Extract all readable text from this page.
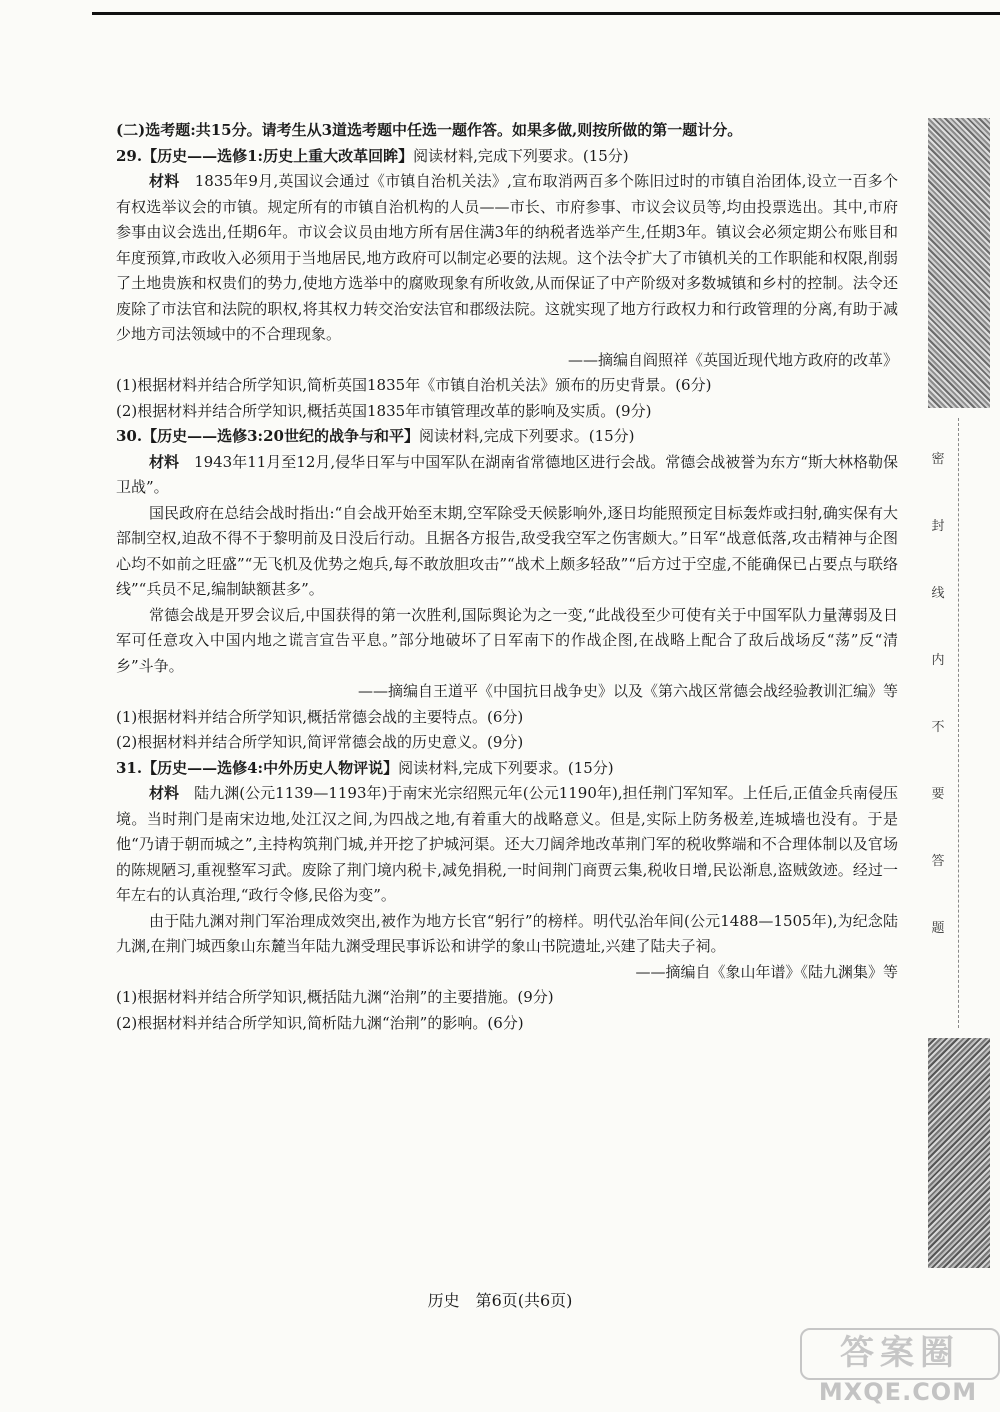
(二)选考题:共15分。请考生从3道选考题中任选一题作答。如果多做,则按所做的第一题计分。

29.【历史——选修1:历史上重大改革回眸】阅读材料,完成下列要求。(15分)

材料　 1835年9月,英国议会通过《市镇自治机关法》,宣布取消两百多个陈旧过时的市镇自治团体,设立一百多个有权选举议会的市镇。规定所有的市镇自治机构的人员——市长、市府参事、市议会议员等,均由投票选出。其中,市府参事由议会选出,任期6年。市议会议员由地方所有居住满3年的纳税者选举产生,任期3年。镇议会必须定期公布账目和年度预算,市政收入必须用于当地居民,地方政府可以制定必要的法规。这个法令扩大了市镇机关的工作职能和权限,削弱了土地贵族和权贵们的势力,使地方选举中的腐败现象有所收敛,从而保证了中产阶级对多数城镇和乡村的控制。法令还废除了市法官和法院的职权,将其权力转交治安法官和郡级法院。这就实现了地方行政权力和行政管理的分离,有助于减少地方司法领域中的不合理现象。

——摘编自阎照祥《英国近现代地方政府的改革》

(1)根据材料并结合所学知识,简析英国1835年《市镇自治机关法》颁布的历史背景。(6分)

(2)根据材料并结合所学知识,概括英国1835年市镇管理改革的影响及实质。(9分)

30.【历史——选修3:20世纪的战争与和平】阅读材料,完成下列要求。(15分)

材料　 1943年11月至12月,侵华日军与中国军队在湖南省常德地区进行会战。常德会战被誉为东方“斯大林格勒保卫战”。

国民政府在总结会战时指出:“自会战开始至末期,空军除受天候影响外,逐日均能照预定目标轰炸或扫射,确实保有大部制空权,迫敌不得不于黎明前及日没后行动。且据各方报告,敌受我空军之伤害颇大。”日军“战意低落,攻击精神与企图心均不如前之旺盛”“无飞机及优势之炮兵,每不敢放胆攻击”“战术上颇多轻敌”“后方过于空虚,不能确保已占要点与联络线”“兵员不足,编制缺额甚多”。

常德会战是开罗会议后,中国获得的第一次胜利,国际舆论为之一变,“此战役至少可使有关于中国军队力量薄弱及日军可任意攻入中国内地之谎言宣告平息。”部分地破坏了日军南下的作战企图,在战略上配合了敌后战场反“荡”反“清乡”斗争。

——摘编自王道平《中国抗日战争史》以及《第六战区常德会战经验教训汇编》等

(1)根据材料并结合所学知识,概括常德会战的主要特点。(6分)

(2)根据材料并结合所学知识,简评常德会战的历史意义。(9分)

31.【历史——选修4:中外历史人物评说】阅读材料,完成下列要求。(15分)

材料　 陆九渊(公元1139—1193年)于南宋光宗绍熙元年(公元1190年),担任荆门军知军。上任后,正值金兵南侵压境。当时荆门是南宋边地,处江汉之间,为四战之地,有着重大的战略意义。但是,实际上防务极差,连城墙也没有。于是他“乃请于朝而城之”,主持构筑荆门城,并开挖了护城河渠。还大刀阔斧地改革荆门军的税收弊端和不合理体制以及官场的陈规陋习,重视整军习武。废除了荆门境内税卡,减免捐税,一时间荆门商贾云集,税收日增,民讼渐息,盗贼敛迹。经过一年左右的认真治理,“政行令修,民俗为变”。

由于陆九渊对荆门军治理成效突出,被作为地方长官“躬行”的榜样。明代弘治年间(公元1488—1505年),为纪念陆九渊,在荆门城西象山东麓当年陆九渊受理民事诉讼和讲学的象山书院遗址,兴建了陆夫子祠。

——摘编自《象山年谱》《陆九渊集》等

(1)根据材料并结合所学知识,概括陆九渊“治荆”的主要措施。(9分)

(2)根据材料并结合所学知识,简析陆九渊“治荆”的影响。(6分)

密
封
线
内
不
要
答
题
历史　第6页(共6页)
答案圈
MXQE.COM
